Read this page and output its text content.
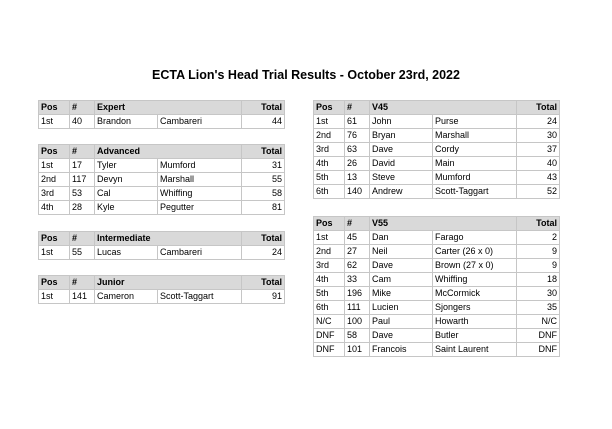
ECTA Lion's Head Trial Results - October 23rd, 2022
Pos	#	Expert		Total
1st	40	Brandon	Cambareri	44
Pos	#	Advanced		Total
1st	17	Tyler	Mumford	31
2nd	117	Devyn	Marshall	55
3rd	53	Cal	Whiffing	58
4th	28	Kyle	Pegutter	81
Pos	#	Intermediate		Total
1st	55	Lucas	Cambareri	24
Pos	#	Junior		Total
1st	141	Cameron	Scott-Taggart	91
Pos	#	V45		Total
1st	61	John	Purse	24
2nd	76	Bryan	Marshall	30
3rd	63	Dave	Cordy	37
4th	26	David	Main	40
5th	13	Steve	Mumford	43
6th	140	Andrew	Scott-Taggart	52
Pos	#	V55		Total
1st	45	Dan	Farago	2
2nd	27	Neil	Carter (26 x 0)	9
3rd	62	Dave	Brown (27 x 0)	9
4th	33	Cam	Whiffing	18
5th	196	Mike	McCormick	30
6th	111	Lucien	Sjongers	35
N/C	100	Paul	Howarth	N/C
DNF	58	Dave	Butler	DNF
DNF	101	Francois	Saint Laurent	DNF
